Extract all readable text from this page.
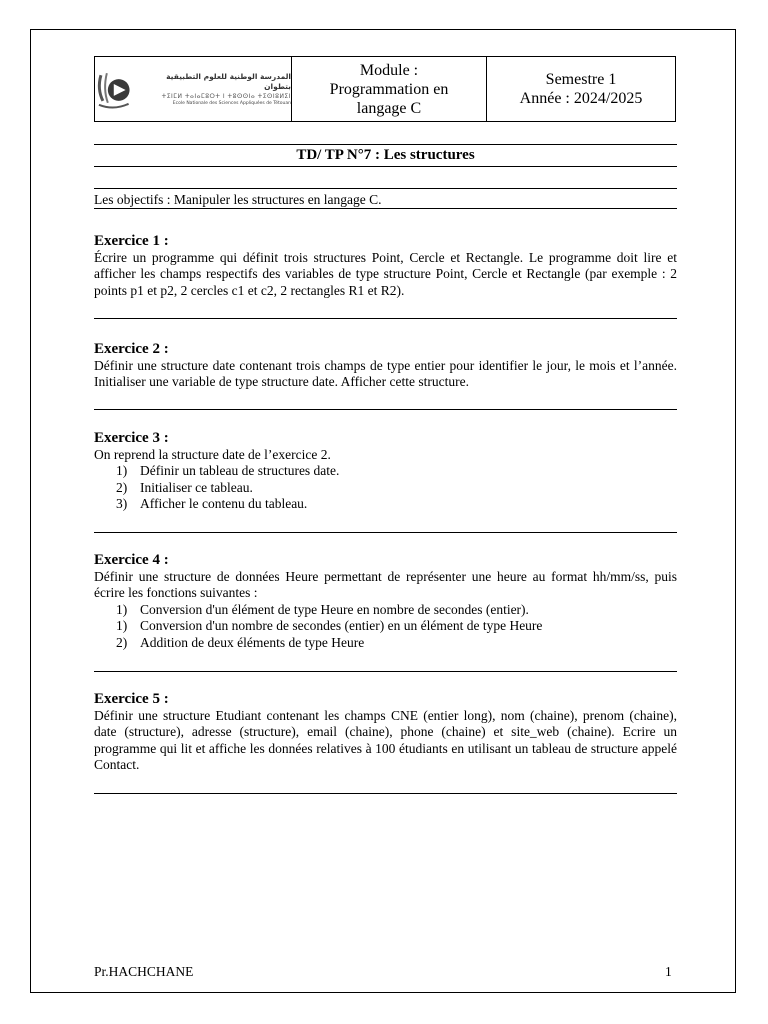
المدرسة الوطنية للعلوم التطبيقية بتطوان
ⵜⵉⵏⵎⵍ ⵜⴰⵏⴰⵎⵓⵔⵜ ⵏ ⵜⵓⵙⵙⵏⴰ ⵜⵉⵙⵏⵓⵍⵉⵏ
Ecole Nationale des Sciences Appliquées de Tétouan

Module :
Programmation en
langage C

Semestre 1
Année : 2024/2025
TD/ TP N°7 : Les structures
Les objectifs : Manipuler les structures en langage C.
Exercice 1 :

Écrire un programme qui définit trois structures Point, Cercle et Rectangle. Le programme doit lire et afficher les champs respectifs des variables de type structure Point, Cercle et Rectangle (par exemple : 2 points p1 et p2, 2 cercles c1 et c2, 2 rectangles R1 et R2).

Exercice 2 :

Définir une structure date contenant trois champs de type entier pour identifier le jour, le mois et l’année. Initialiser une variable de type structure date. Afficher cette structure.

Exercice 3 :

On reprend la structure date de l’exercice 2.

1) Définir un tableau de structures date.
2) Initialiser ce tableau.
3) Afficher le contenu du tableau.
Exercice 4 :

Définir une structure de données Heure permettant de représenter une heure au format hh/mm/ss, puis écrire les fonctions suivantes :

1) Conversion d'un élément de type Heure en nombre de secondes (entier).
1) Conversion d'un nombre de secondes (entier) en un élément de type Heure
2) Addition de deux éléments de type Heure
Exercice 5 :

Définir une structure Etudiant contenant les champs CNE (entier long), nom (chaine), prenom (chaine), date (structure), adresse (structure), email (chaine), phone (chaine) et site_web (chaine). Ecrire un programme qui lit et affiche les données relatives à 100 étudiants en utilisant un tableau de structure appelé Contact.

Pr.HACHCHANE	1
